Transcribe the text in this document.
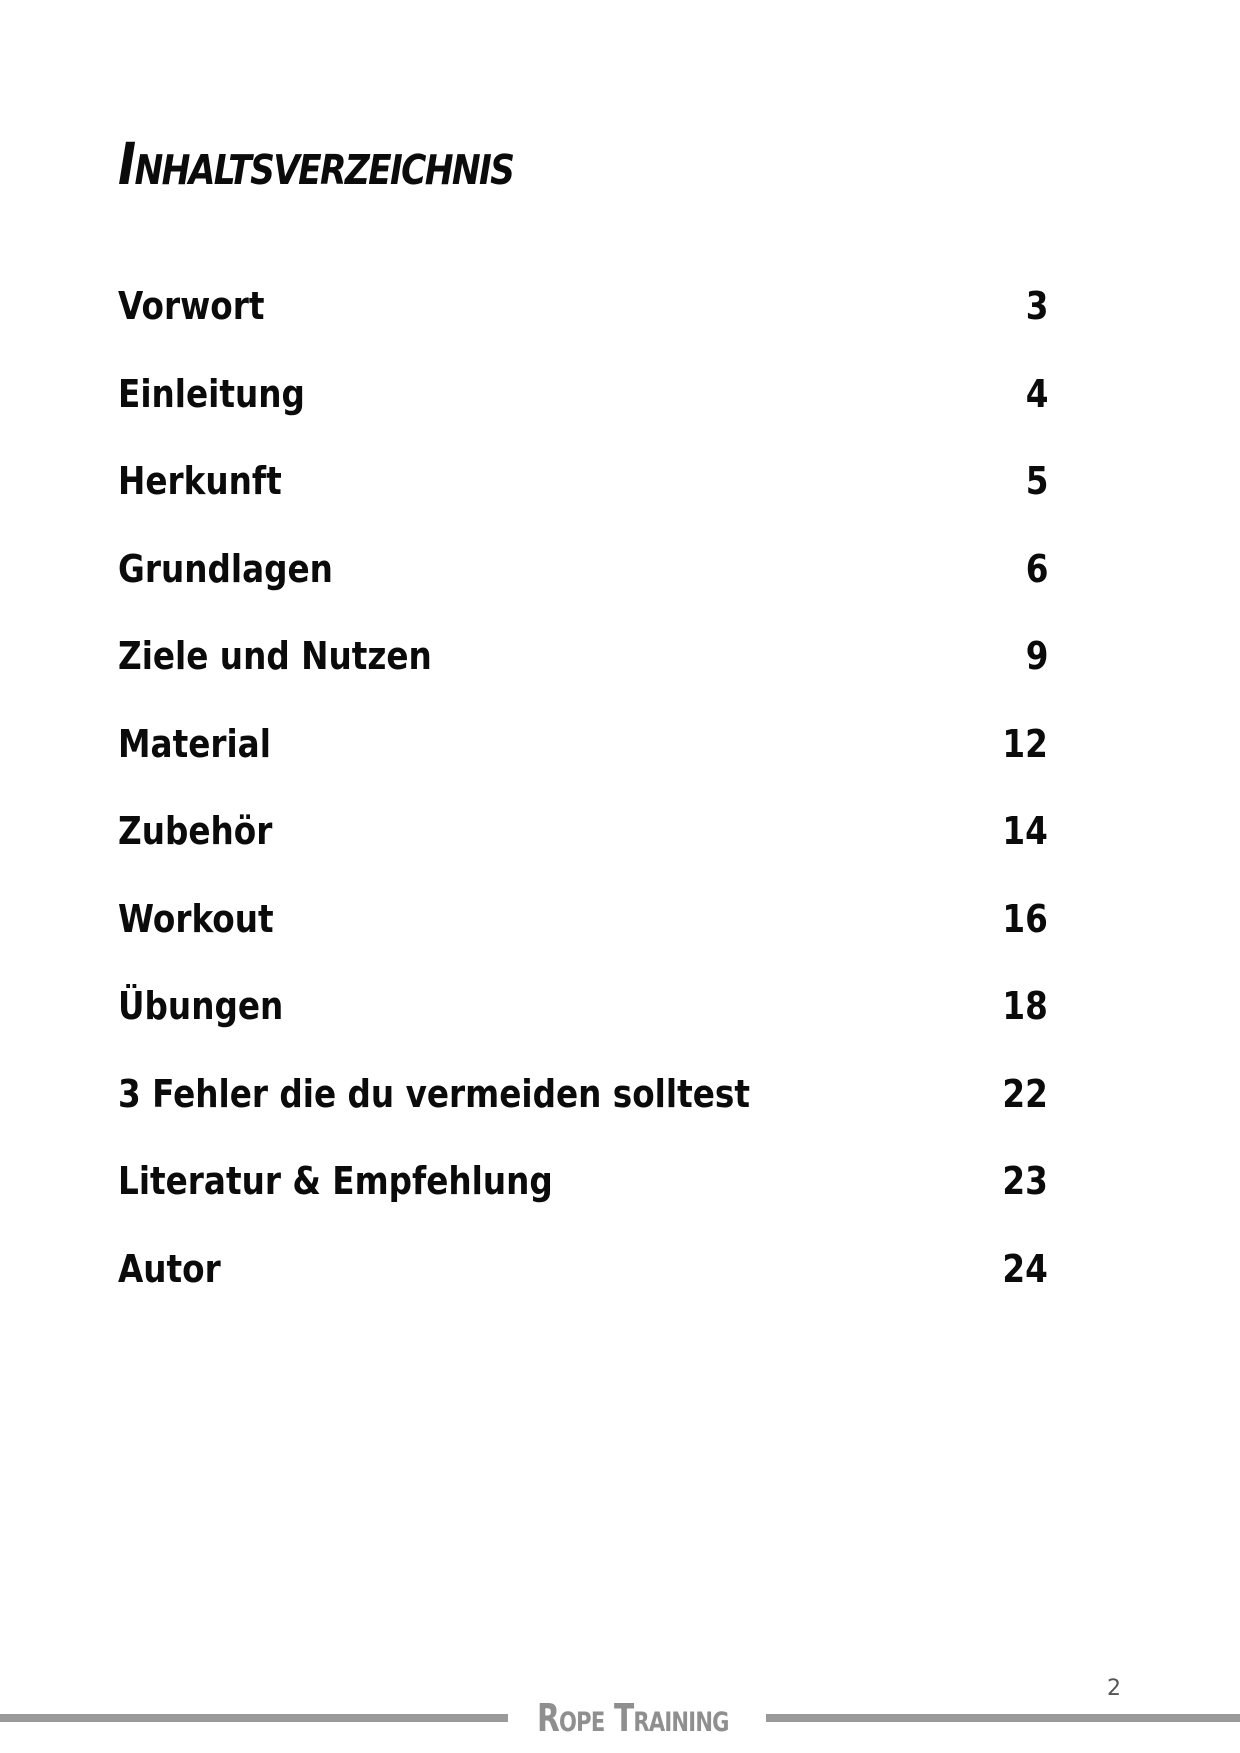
Inhaltsverzeichnis
Vorwort	3
Einleitung	4
Herkunft	5
Grundlagen	6
Ziele und Nutzen	9
Material	12
Zubehör	14
Workout	16
Übungen	18
3 Fehler die du vermeiden solltest	22
Literatur & Empfehlung	23
Autor	24
2
Rope Training
